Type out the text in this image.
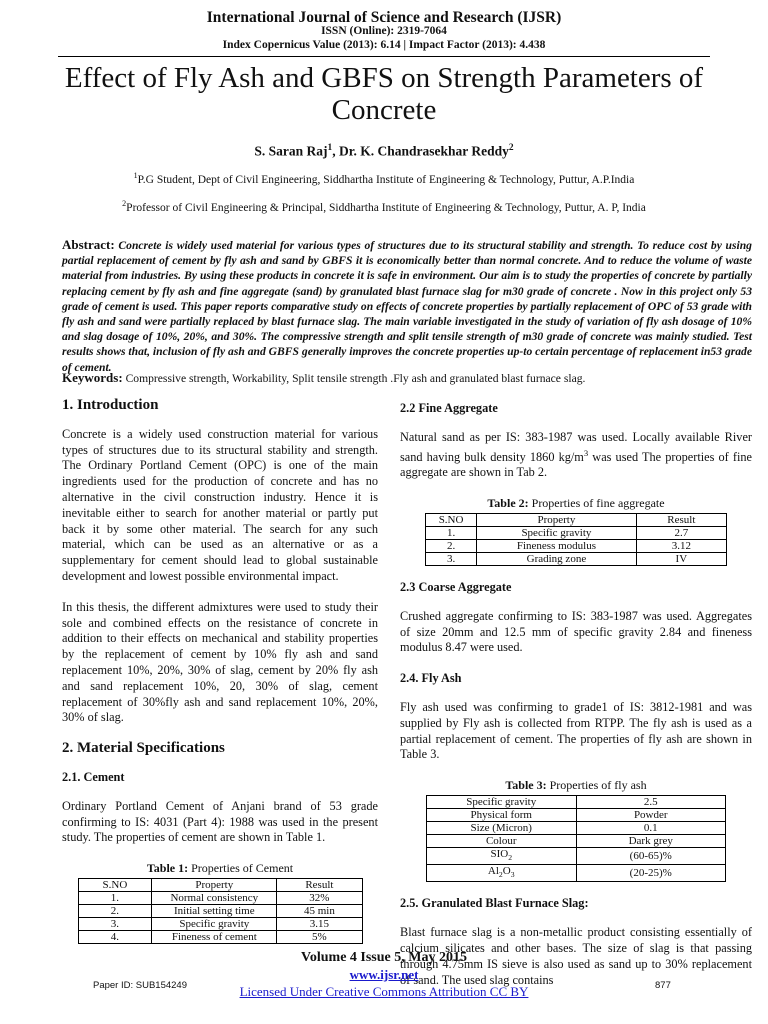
International Journal of Science and Research (IJSR)
ISSN (Online): 2319-7064
Index Copernicus Value (2013): 6.14 | Impact Factor (2013): 4.438
Effect of Fly Ash and GBFS on Strength Parameters of Concrete
S. Saran Raj$^1$, Dr. K. Chandrasekhar Reddy$^2$
$^1$P.G Student, Dept of Civil Engineering, Siddhartha Institute of Engineering & Technology, Puttur, A.P.India
$^2$Professor of Civil Engineering & Principal, Siddhartha Institute of Engineering & Technology, Puttur, A. P, India
Abstract: Concrete is widely used material for various types of structures due to its structural stability and strength. To reduce cost by using partial replacement of cement by fly ash and sand by GBFS it is economically better than normal concrete. And to reduce the volume of waste material from industries. By using these products in concrete it is safe in environment. Our aim is to study the properties of concrete by partially replacing cement by fly ash and fine aggregate (sand) by granulated blast furnace slag for m30 grade of concrete . Now in this project only 53 grade of cement is used. This paper reports comparative study on effects of concrete properties by partially replacement of OPC of 53 grade with fly ash and sand were partially replaced by blast furnace slag. The main variable investigated in the study of variation of fly ash dosage of 10% and slag dosage of 10%, 20%, and 30%. The compressive strength and split tensile strength of m30 grade of concrete was mainly studied. Test results shows that, inclusion of fly ash and GBFS generally improves the concrete properties up-to certain percentage of replacement in53 grade of cement.
Keywords: Compressive strength, Workability, Split tensile strength .Fly ash and granulated blast furnace slag.
1. Introduction

Concrete is a widely used construction material for various types of structures due to its structural stability and strength. The Ordinary Portland Cement (OPC) is one of the main ingredients used for the production of concrete and has no alternative in the civil construction industry. Hence it is inevitable either to search for another material or partly put back it by some other material. The search for any such material, which can be used as an alternative or as a supplementary for cement should lead to global sustainable development and lowest possible environmental impact.

In this thesis, the different admixtures were used to study their sole and combined effects on the resistance of concrete in addition to their effects on mechanical and stability properties by the replacement of cement by 10% fly ash and sand replacement 10%, 20%, 30% of slag, cement by 20% fly ash and sand replacement 10%, 20, 30% of slag, cement replacement of 30%fly ash and sand replacement 10%, 20%, 30% of slag.

2. Material Specifications
2.1. Cement

Ordinary Portland Cement of Anjani brand of 53 grade confirming to IS: 4031 (Part 4): 1988 was used in the present study. The properties of cement are shown in Table 1.

Table 1: Properties of Cement
S.NO	Property	Result
1.	Normal consistency	32%
2.	Initial setting time	45 min
3.	Specific gravity	3.15
4.	Fineness of cement	5%
2.2 Fine Aggregate

Natural sand as per IS: 383-1987 was used. Locally available River sand having bulk density 1860 $kg/m^3$ was used The properties of fine aggregate are shown in Tab 2.

Table 2: Properties of fine aggregate
S.NO	Property	Result
1.	Specific gravity	2.7
2.	Fineness modulus	3.12
3.	Grading zone	IV
2.3 Coarse Aggregate

Crushed aggregate confirming to IS: 383-1987 was used. Aggregates of size 20mm and 12.5 mm of specific gravity 2.84 and fineness modulus 8.47 were used.

2.4. Fly Ash

Fly ash used was confirming to grade1 of IS: 3812-1981 and was supplied by Fly ash is collected from RTPP. The fly ash is used as a partial replacement of cement. The properties of fly ash are shown in Table 3.

Table 3: Properties of fly ash
Specific gravity	2.5
Physical form	Powder
Size (Micron)	0.1
Colour	Dark grey
$SIO_2$	(60-65)%
$Al_2O_3$	(20-25)%
2.5. Granulated Blast Furnace Slag:

Blast furnace slag is a non-metallic product consisting essentially of calcium silicates and other bases. The size of slag is that passing through 4.75mm IS sieve is also used as sand up to 30% replacement of sand. The used slag contains

Volume 4 Issue 5, May 2015
www.ijsr.net
Licensed Under Creative Commons Attribution CC BY
Paper ID: SUB154249	877
